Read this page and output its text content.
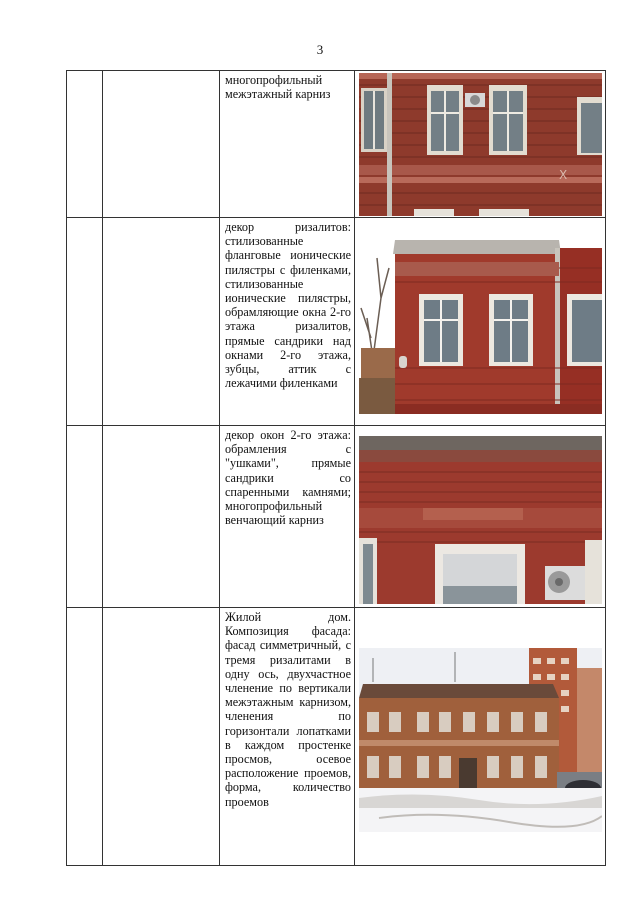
3

		многопрофильный межэтажный карниз	X

		декор ризалитов: стилизованные фланговые ионические пилястры с филенками, стилизованные ионические пилястры, обрамляющие окна 2-го этажа ризалитов, прямые сандрики над окнами 2-го этажа, зубцы, аттик с лежачими филенками

		декор окон 2-го этажа: обрамления с "ушками", прямые сандрики со спаренными камнями; многопрофильный венчающий карниз

		Жилой дом. Композиция фасада: фасад симметричный, с тремя ризалитами в одну ось, двухчастное членение по вертикали межэтажным карнизом, членения по горизонтали лопатками в каждом простенке просмов, осевое расположение проемов, форма, количество проемов
